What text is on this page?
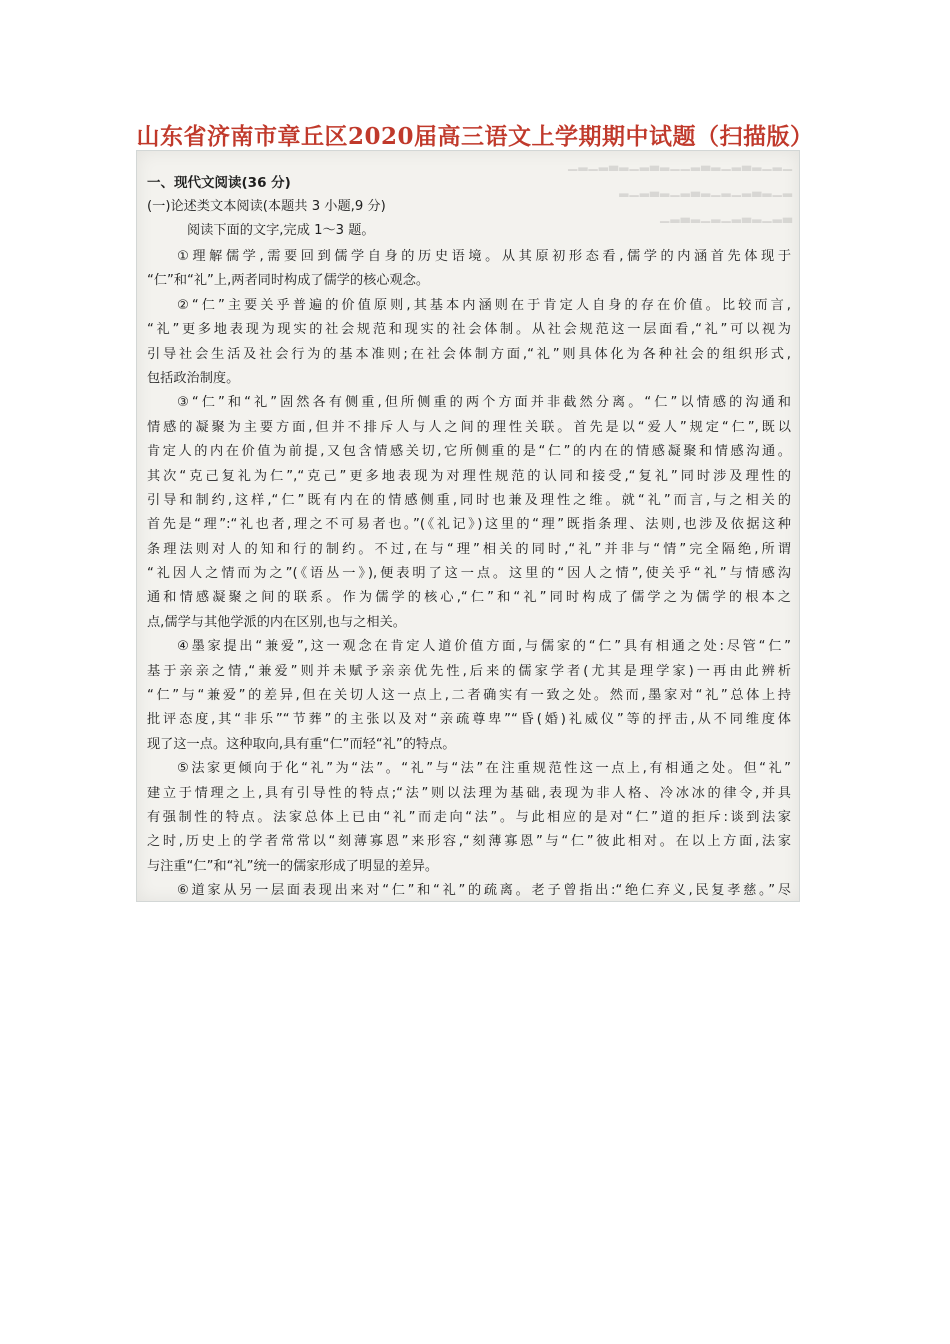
山东省济南市章丘区2020届高三语文上学期期中试题（扫描版）
▁▂▁▂▃▂▁▂▃▂▁▁▂▃▂▁▂▃▂▁▂▁
▂▁▂▃▂▁▂▃▂▁▂▁▂▃▂▁▂
▁▂▃▂▁▂▁▂▃▂▁▂▃

一、现代文阅读(36 分)

(一)论述类文本阅读(本题共 3 小题,9 分)

阅读下面的文字,完成 1～3 题。

①理解儒学,需要回到儒学自身的历史语境。从其原初形态看,儒学的内涵首先体现于

“仁”和“礼”上,两者同时构成了儒学的核心观念。

②“仁”主要关乎普遍的价值原则,其基本内涵则在于肯定人自身的存在价值。比较而言,

“礼”更多地表现为现实的社会规范和现实的社会体制。从社会规范这一层面看,“礼”可以视为

引导社会生活及社会行为的基本准则;在社会体制方面,“礼”则具体化为各种社会的组织形式,

包括政治制度。

③“仁”和“礼”固然各有侧重,但所侧重的两个方面并非截然分离。“仁”以情感的沟通和

情感的凝聚为主要方面,但并不排斥人与人之间的理性关联。首先是以“爱人”规定“仁”,既以

肯定人的内在价值为前提,又包含情感关切,它所侧重的是“仁”的内在的情感凝聚和情感沟通。

其次“克己复礼为仁”,“克己”更多地表现为对理性规范的认同和接受,“复礼”同时涉及理性的

引导和制约,这样,“仁”既有内在的情感侧重,同时也兼及理性之维。就“礼”而言,与之相关的

首先是“理”:“礼也者,理之不可易者也。”(《礼记》)这里的“理”既指条理、法则,也涉及依据这种

条理法则对人的知和行的制约。不过,在与“理”相关的同时,“礼”并非与“情”完全隔绝,所谓

“礼因人之情而为之”(《语丛一》),便表明了这一点。这里的“因人之情”,使关乎“礼”与情感沟

通和情感凝聚之间的联系。作为儒学的核心,“仁”和“礼”同时构成了儒学之为儒学的根本之

点,儒学与其他学派的内在区别,也与之相关。

④墨家提出“兼爱”,这一观念在肯定人道价值方面,与儒家的“仁”具有相通之处:尽管“仁”

基于亲亲之情,“兼爱”则并未赋予亲亲优先性,后来的儒家学者(尤其是理学家)一再由此辨析

“仁”与“兼爱”的差异,但在关切人这一点上,二者确实有一致之处。然而,墨家对“礼”总体上持

批评态度,其“非乐”“节葬”的主张以及对“亲疏尊卑”“昏(婚)礼威仪”等的抨击,从不同维度体

现了这一点。这种取向,具有重“仁”而轻“礼”的特点。

⑤法家更倾向于化“礼”为“法”。“礼”与“法”在注重规范性这一点上,有相通之处。但“礼”

建立于情理之上,具有引导性的特点;“法”则以法理为基础,表现为非人格、冷冰冰的律令,并具

有强制性的特点。法家总体上已由“礼”而走向“法”。与此相应的是对“仁”道的拒斥:谈到法家

之时,历史上的学者常常以“刻薄寡恩”来形容,“刻薄寡恩”与“仁”彼此相对。在以上方面,法家

与注重“仁”和“礼”统一的儒家形成了明显的差异。

⑥道家从另一层面表现出来对“仁”和“礼”的疏离。老子曾指出:“绝仁弃义,民复孝慈。”尽
